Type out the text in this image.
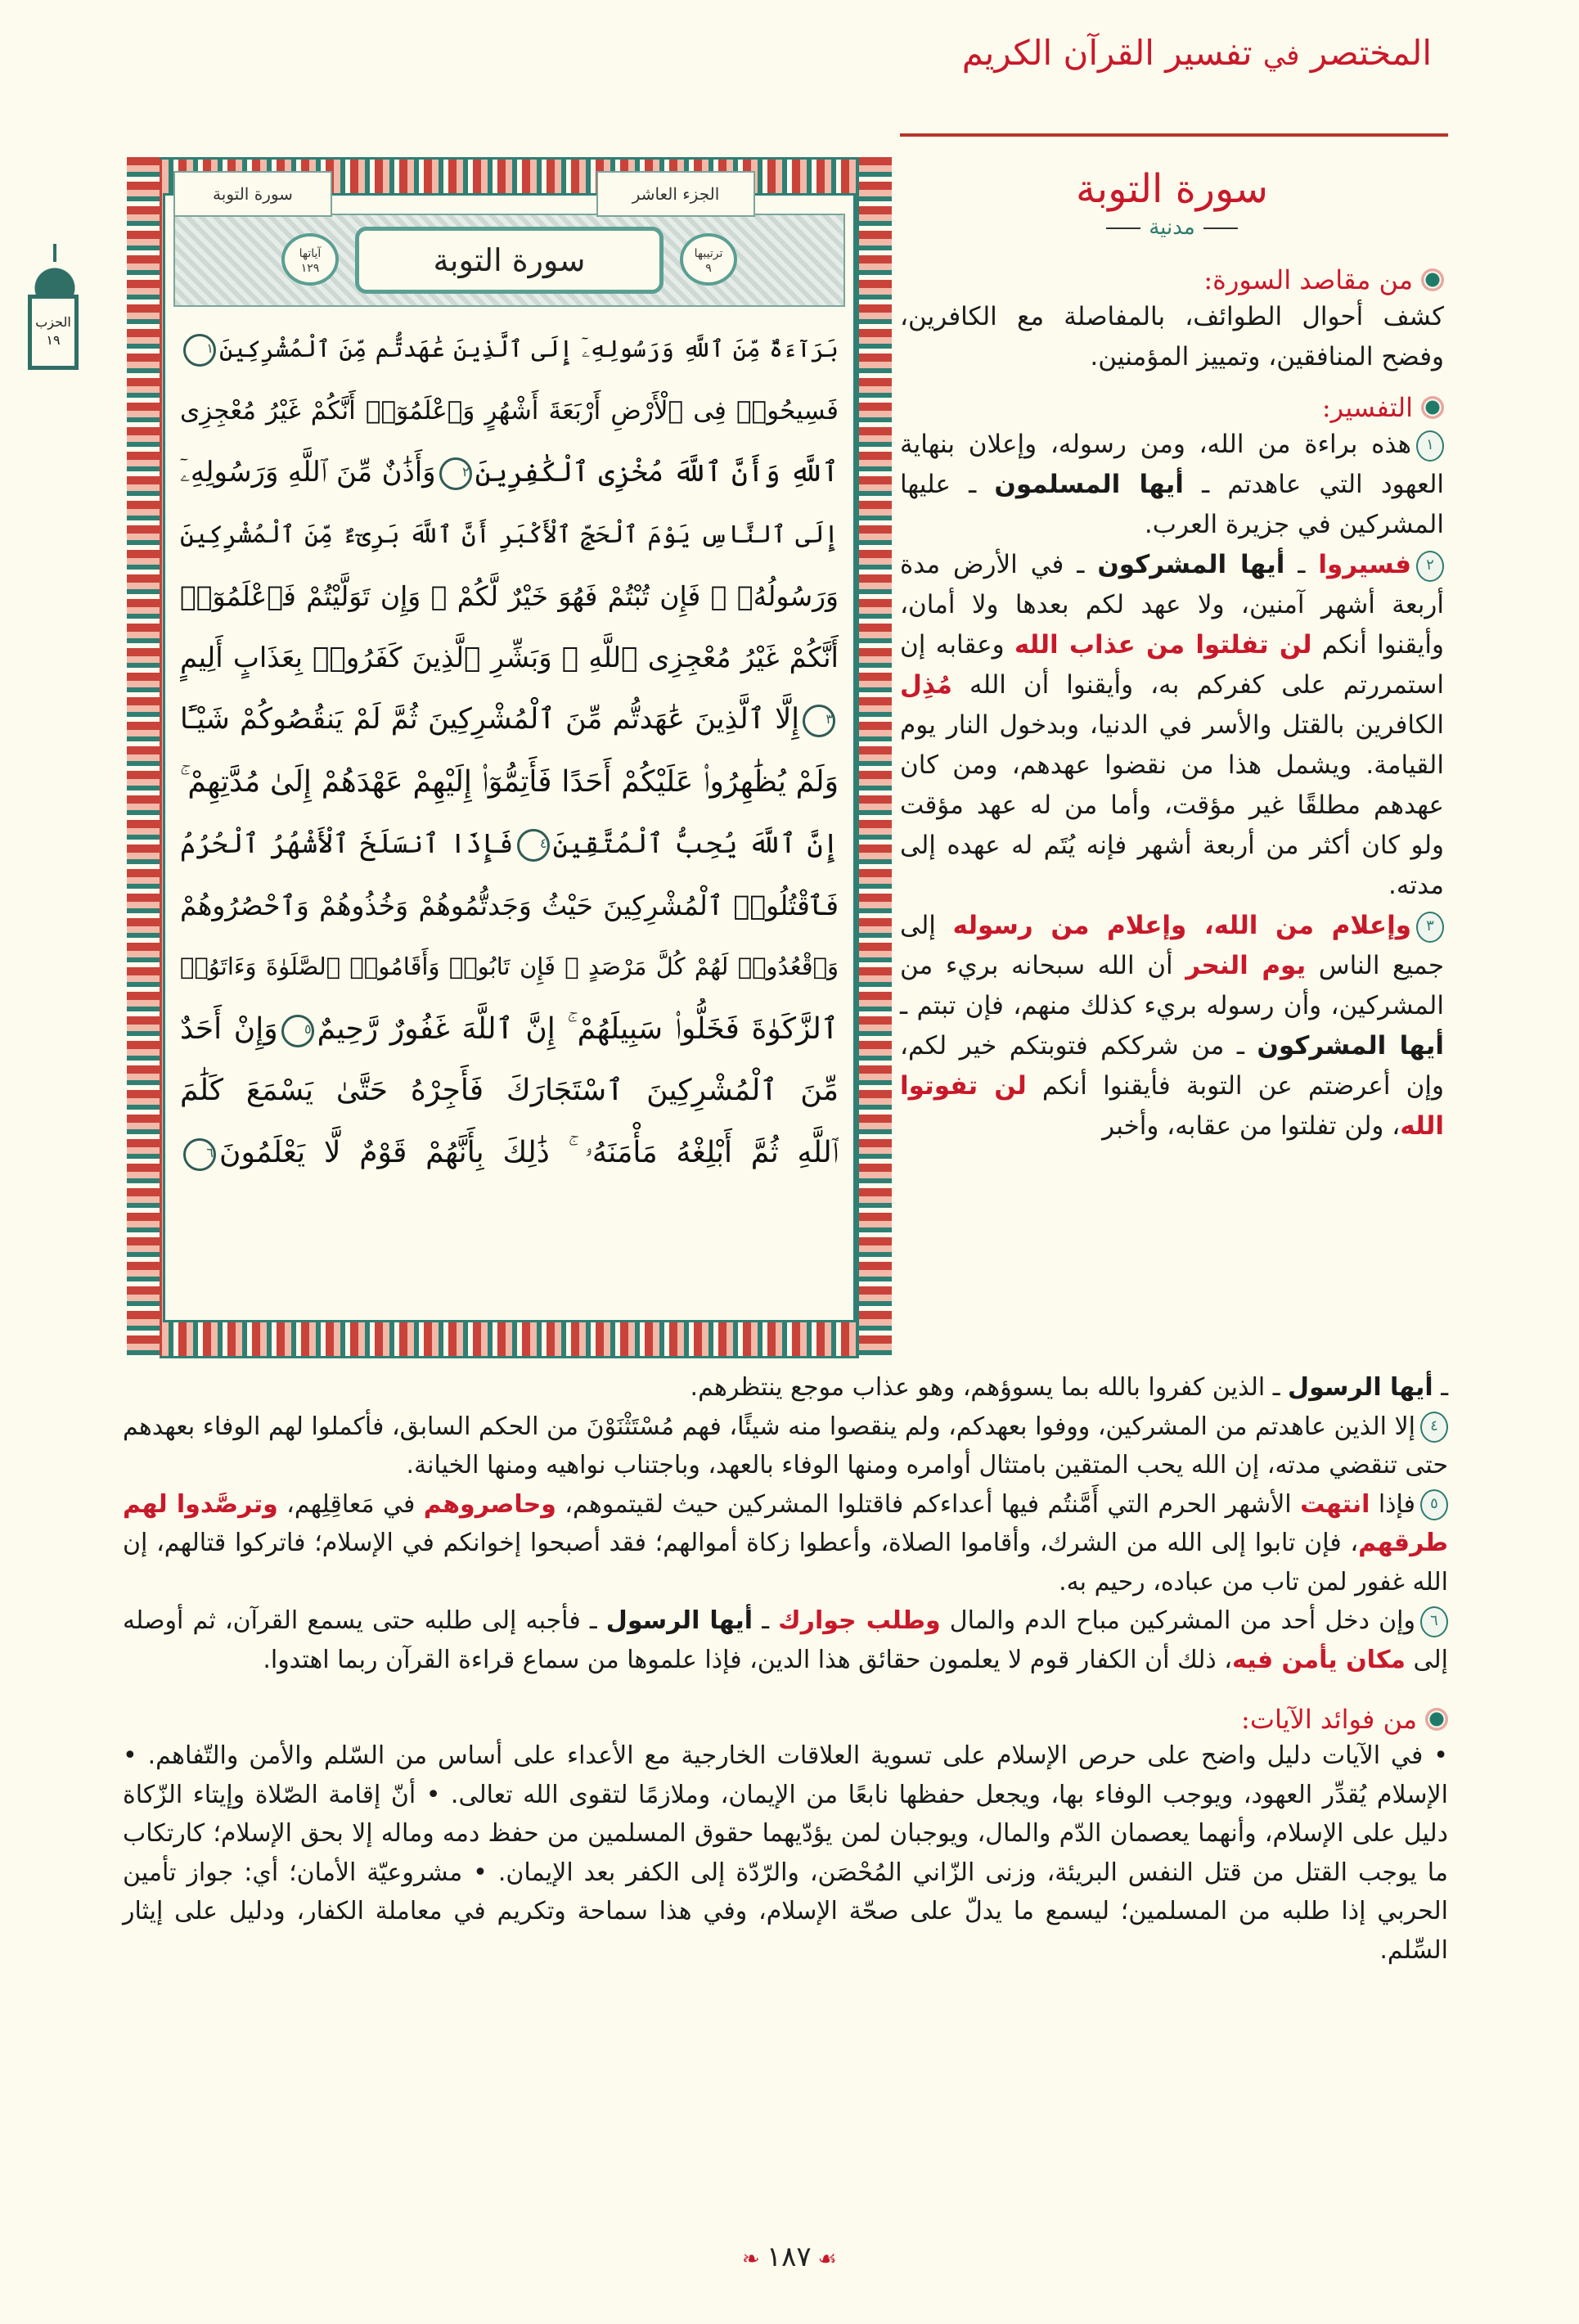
المختصر في تفسير القرآن الكريم
الحزب
١٩
الجزء العاشر
سورة التوبة
ترتيبها
٩
سورة التوبة
آياتها
١٢٩
بَرَآءَةٌ مِّنَ ٱللَّهِ وَرَسُولِهِۦٓ إِلَى ٱلَّذِينَ عَٰهَدتُّم مِّنَ ٱلْمُشْرِكِينَ١
فَسِيحُوا۟ فِى ٱلْأَرْضِ أَرْبَعَةَ أَشْهُرٍ وَٱعْلَمُوٓا۟ أَنَّكُمْ غَيْرُ مُعْجِزِى
ٱللَّهِ وَأَنَّ ٱللَّهَ مُخْزِى ٱلْكَٰفِرِينَ٢وَأَذَٰنٌ مِّنَ ٱللَّهِ وَرَسُولِهِۦٓ
إِلَى ٱلنَّاسِ يَوْمَ ٱلْحَجِّ ٱلْأَكْبَرِ أَنَّ ٱللَّهَ بَرِىٓءٌ مِّنَ ٱلْمُشْرِكِينَ
وَرَسُولُهُۥ ۚ فَإِن تُبْتُمْ فَهُوَ خَيْرٌ لَّكُمْ ۖ وَإِن تَوَلَّيْتُمْ فَٱعْلَمُوٓا۟
أَنَّكُمْ غَيْرُ مُعْجِزِى ٱللَّهِ ۗ وَبَشِّرِ ٱلَّذِينَ كَفَرُوا۟ بِعَذَابٍ أَلِيمٍ
٣إِلَّا ٱلَّذِينَ عَٰهَدتُّم مِّنَ ٱلْمُشْرِكِينَ ثُمَّ لَمْ يَنقُصُوكُمْ شَيْـًٔا
وَلَمْ يُظَٰهِرُوا۟ عَلَيْكُمْ أَحَدًا فَأَتِمُّوٓا۟ إِلَيْهِمْ عَهْدَهُمْ إِلَىٰ مُدَّتِهِمْ ۚ
إِنَّ ٱللَّهَ يُحِبُّ ٱلْمُتَّقِينَ٤فَإِذَا ٱنسَلَخَ ٱلْأَشْهُرُ ٱلْحُرُمُ
فَٱقْتُلُوا۟ ٱلْمُشْرِكِينَ حَيْثُ وَجَدتُّمُوهُمْ وَخُذُوهُمْ وَٱحْصُرُوهُمْ
وَٱقْعُدُوا۟ لَهُمْ كُلَّ مَرْصَدٍ ۚ فَإِن تَابُوا۟ وَأَقَامُوا۟ ٱلصَّلَوٰةَ وَءَاتَوُا۟
ٱلزَّكَوٰةَ فَخَلُّوا۟ سَبِيلَهُمْ ۚ إِنَّ ٱللَّهَ غَفُورٌ رَّحِيمٌ٥وَإِنْ أَحَدٌ
مِّنَ ٱلْمُشْرِكِينَ ٱسْتَجَارَكَ فَأَجِرْهُ حَتَّىٰ يَسْمَعَ كَلَٰمَ
ٱللَّهِ ثُمَّ أَبْلِغْهُ مَأْمَنَهُۥ ۚ ذَٰلِكَ بِأَنَّهُمْ قَوْمٌ لَّا يَعْلَمُونَ٦
سورة التوبة
مدنية
من مقاصد السورة:
كشف أحوال الطوائف، بالمفاصلة مع الكافرين، وفضح المنافقين، وتمييز المؤمنين.
التفسير:
١هذه براءة من الله، ومن رسوله، وإعلان بنهاية العهود التي عاهدتم ـ أيها المسلمون ـ عليها المشركين في جزيرة العرب.
٢فسيروا ـ أيها المشركون ـ في الأرض مدة أربعة أشهر آمنين، ولا عهد لكم بعدها ولا أمان، وأيقنوا أنكم لن تفلتوا من عذاب الله وعقابه إن استمررتم على كفركم به، وأيقنوا أن الله مُذِل الكافرين بالقتل والأسر في الدنيا، وبدخول النار يوم القيامة. ويشمل هذا من نقضوا عهدهم، ومن كان عهدهم مطلقًا غير مؤقت، وأما من له عهد مؤقت ولو كان أكثر من أربعة أشهر فإنه يُتَم له عهده إلى مدته.
٣وإعلام من الله، وإعلام من رسوله إلى جميع الناس يوم النحر أن الله سبحانه بريء من المشركين، وأن رسوله بريء كذلك منهم، فإن تبتم ـ أيها المشركون ـ من شرككم فتوبتكم خير لكم، وإن أعرضتم عن التوبة فأيقنوا أنكم لن تفوتوا الله، ولن تفلتوا من عقابه، وأخبر
ـ أيها الرسول ـ الذين كفروا بالله بما يسوؤهم، وهو عذاب موجع ينتظرهم.
٤إلا الذين عاهدتم من المشركين، ووفوا بعهدكم، ولم ينقصوا منه شيئًا، فهم مُسْتَثْنَوْنَ من الحكم السابق، فأكملوا لهم الوفاء بعهدهم حتى تنقضي مدته، إن الله يحب المتقين بامتثال أوامره ومنها الوفاء بالعهد، وباجتناب نواهيه ومنها الخيانة.
٥فإذا انتهت الأشهر الحرم التي أَمَّنتُم فيها أعداءكم فاقتلوا المشركين حيث لقيتموهم، وحاصروهم في مَعاقِلِهم، وترصَّدوا لهم طرقهم، فإن تابوا إلى الله من الشرك، وأقاموا الصلاة، وأعطوا زكاة أموالهم؛ فقد أصبحوا إخوانكم في الإسلام؛ فاتركوا قتالهم، إن الله غفور لمن تاب من عباده، رحيم به.
٦وإن دخل أحد من المشركين مباح الدم والمال وطلب جوارك ـ أيها الرسول ـ فأجبه إلى طلبه حتى يسمع القرآن، ثم أوصله إلى مكان يأمن فيه، ذلك أن الكفار قوم لا يعلمون حقائق هذا الدين، فإذا علموها من سماع قراءة القرآن ربما اهتدوا.
من فوائد الآيات:
• في الآيات دليل واضح على حرص الإسلام على تسوية العلاقات الخارجية مع الأعداء على أساس من السّلم والأمن والتّفاهم. • الإسلام يُقدِّر العهود، ويوجب الوفاء بها، ويجعل حفظها نابعًا من الإيمان، وملازمًا لتقوى الله تعالى. • أنّ إقامة الصّلاة وإيتاء الزّكاة دليل على الإسلام، وأنهما يعصمان الدّم والمال، ويوجبان لمن يؤدّيهما حقوق المسلمين من حفظ دمه وماله إلا بحق الإسلام؛ كارتكاب ما يوجب القتل من قتل النفس البريئة، وزنى الزّاني المُحْصَن، والرّدّة إلى الكفر بعد الإيمان. • مشروعيّة الأمان؛ أي: جواز تأمين الحربي إذا طلبه من المسلمين؛ ليسمع ما يدلّ على صحّة الإسلام، وفي هذا سماحة وتكريم في معاملة الكفار، ودليل على إيثار السِّلم.
❧ ١٨٧ ☙
